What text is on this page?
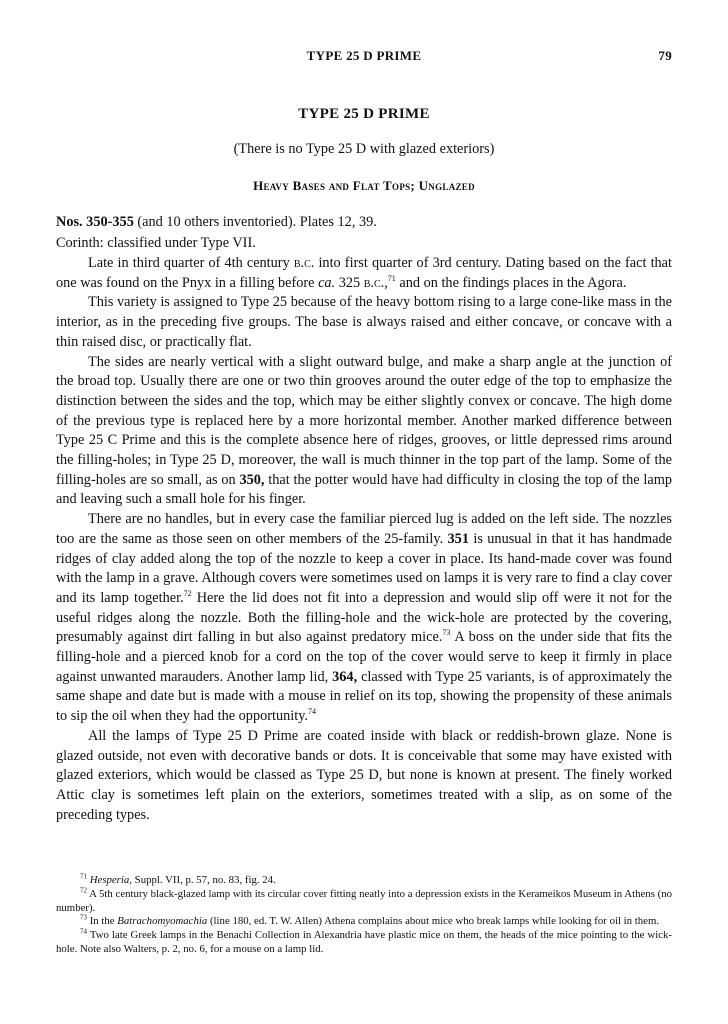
TYPE 25 D PRIME	79
TYPE 25 D PRIME
(There is no Type 25 D with glazed exteriors)
Heavy Bases and Flat Tops; Unglazed
Nos. 350-355 (and 10 others inventoried). Plates 12, 39.
Corinth: classified under Type VII.

Late in third quarter of 4th century b.c. into first quarter of 3rd century. Dating based on the fact that one was found on the Pnyx in a filling before ca. 325 b.c.,$^{71}$ and on the findings places in the Agora.

This variety is assigned to Type 25 because of the heavy bottom rising to a large cone-like mass in the interior, as in the preceding five groups. The base is always raised and either concave, or concave with a thin raised disc, or practically flat.

The sides are nearly vertical with a slight outward bulge, and make a sharp angle at the junction of the broad top. Usually there are one or two thin grooves around the outer edge of the top to emphasize the distinction between the sides and the top, which may be either slightly convex or concave. The high dome of the previous type is replaced here by a more horizontal member. Another marked difference between Type 25 C Prime and this is the complete absence here of ridges, grooves, or little depressed rims around the filling-holes; in Type 25 D, moreover, the wall is much thinner in the top part of the lamp. Some of the filling-holes are so small, as on 350, that the potter would have had difficulty in closing the top of the lamp and leaving such a small hole for his finger.

There are no handles, but in every case the familiar pierced lug is added on the left side. The nozzles too are the same as those seen on other members of the 25-family. 351 is unusual in that it has handmade ridges of clay added along the top of the nozzle to keep a cover in place. Its hand-made cover was found with the lamp in a grave. Although covers were sometimes used on lamps it is very rare to find a clay cover and its lamp together.$^{72}$ Here the lid does not fit into a depression and would slip off were it not for the useful ridges along the nozzle. Both the filling-hole and the wick-hole are protected by the covering, presumably against dirt falling in but also against predatory mice.$^{73}$ A boss on the under side that fits the filling-hole and a pierced knob for a cord on the top of the cover would serve to keep it firmly in place against unwanted marauders. Another lamp lid, 364, classed with Type 25 variants, is of approximately the same shape and date but is made with a mouse in relief on its top, showing the propensity of these animals to sip the oil when they had the opportunity.$^{74}$

All the lamps of Type 25 D Prime are coated inside with black or reddish-brown glaze. None is glazed outside, not even with decorative bands or dots. It is conceivable that some may have existed with glazed exteriors, which would be classed as Type 25 D, but none is known at present. The finely worked Attic clay is sometimes left plain on the exteriors, sometimes treated with a slip, as on some of the preceding types.

$^{71}$ Hesperia, Suppl. VII, p. 57, no. 83, fig. 24.

$^{72}$ A 5th century black-glazed lamp with its circular cover fitting neatly into a depression exists in the Kerameikos Museum in Athens (no number).

$^{73}$ In the Batrachomyomachia (line 180, ed. T. W. Allen) Athena complains about mice who break lamps while looking for oil in them.

$^{74}$ Two late Greek lamps in the Benachi Collection in Alexandria have plastic mice on them, the heads of the mice pointing to the wick-hole. Note also Walters, p. 2, no. 6, for a mouse on a lamp lid.
